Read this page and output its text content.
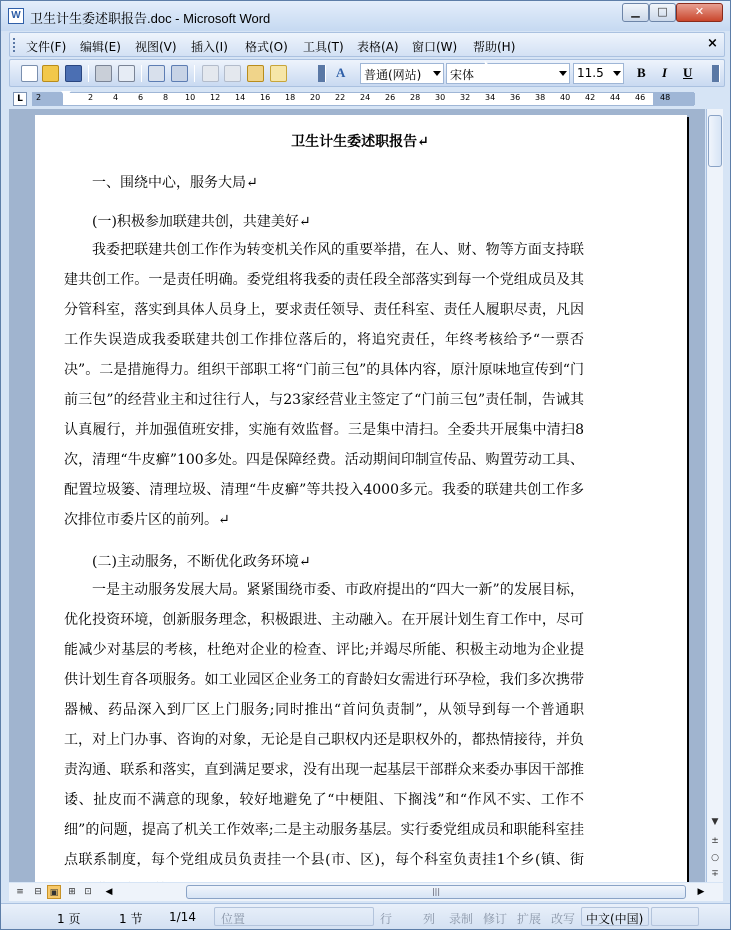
W 卫生计生委述职报告.doc - Microsoft Word	▁	□	✕
文件(F) 编辑(E) 视图(V) 插入(I) 格式(O) 工具(T) 表格(A) 窗口(W) 帮助(H)	×
A	普通(网站)	宋体	11.5	B I U
L	2	2 4 6 8 10 12 14 16 18 20 22 24 26 28 30 32 34 36 38 40 42 44 46 48
卫生计生委述职报告↵
一、围绕中心，服务大局↵
(一)积极参加联建共创，共建美好↵
我委把联建共创工作作为转变机关作风的重要举措，在人、财、物等方面支持联建共创工作。一是责任明确。委党组将我委的责任段全部落实到每一个党组成员及其分管科室，落实到具体人员身上，要求责任领导、责任科室、责任人履职尽责，凡因工作失误造成我委联建共创工作排位落后的，将追究责任，年终考核给予“一票否决”。二是措施得力。组织干部职工将“门前三包”的具体内容，原汁原味地宣传到“门前三包”的经营业主和过往行人，与23家经营业主签定了“门前三包”责任制，告诫其认真履行，并加强值班安排，实施有效监督。三是集中清扫。全委共开展集中清扫8次，清理“牛皮癣”100多处。四是保障经费。活动期间印制宣传品、购置劳动工具、配置垃圾篓、清理垃圾、清理“牛皮癣”等共投入4000多元。我委的联建共创工作多次排位市委片区的前列。↵
(二)主动服务，不断优化政务环境↵
一是主动服务发展大局。紧紧围绕市委、市政府提出的“四大一新”的发展目标，优化投资环境，创新服务理念，积极跟进、主动融入。在开展计划生育工作中，尽可能减少对基层的考核，杜绝对企业的检查、评比;并竭尽所能、积极主动地为企业提供计划生育各项服务。如工业园区企业务工的育龄妇女需进行环孕检，我们多次携带器械、药品深入到厂区上门服务;同时推出“首问负责制”，从领导到每一个普通职工，对上门办事、咨询的对象，无论是自己职权内还是职权外的，都热情接待，并负责沟通、联系和落实，直到满足要求，没有出现一起基层干部群众来委办事因干部推诿、扯皮而不满意的现象，较好地避免了“中梗阻、下搁浅”和“作风不实、工作不细”的问题，提高了机关工作效率;二是主动服务基层。实行委党组成员和职能科室挂点联系制度，每个党组成员负责挂一个县(市、区)，每个科室负责挂1个乡(镇、街
▼
±
○
∓
≡	⊟ ▣	⊞ ⊡	◀	|||	▶
1 页	1 节 1/14 位置	行	列 录制 修订 扩展 改写 中文(中国)
